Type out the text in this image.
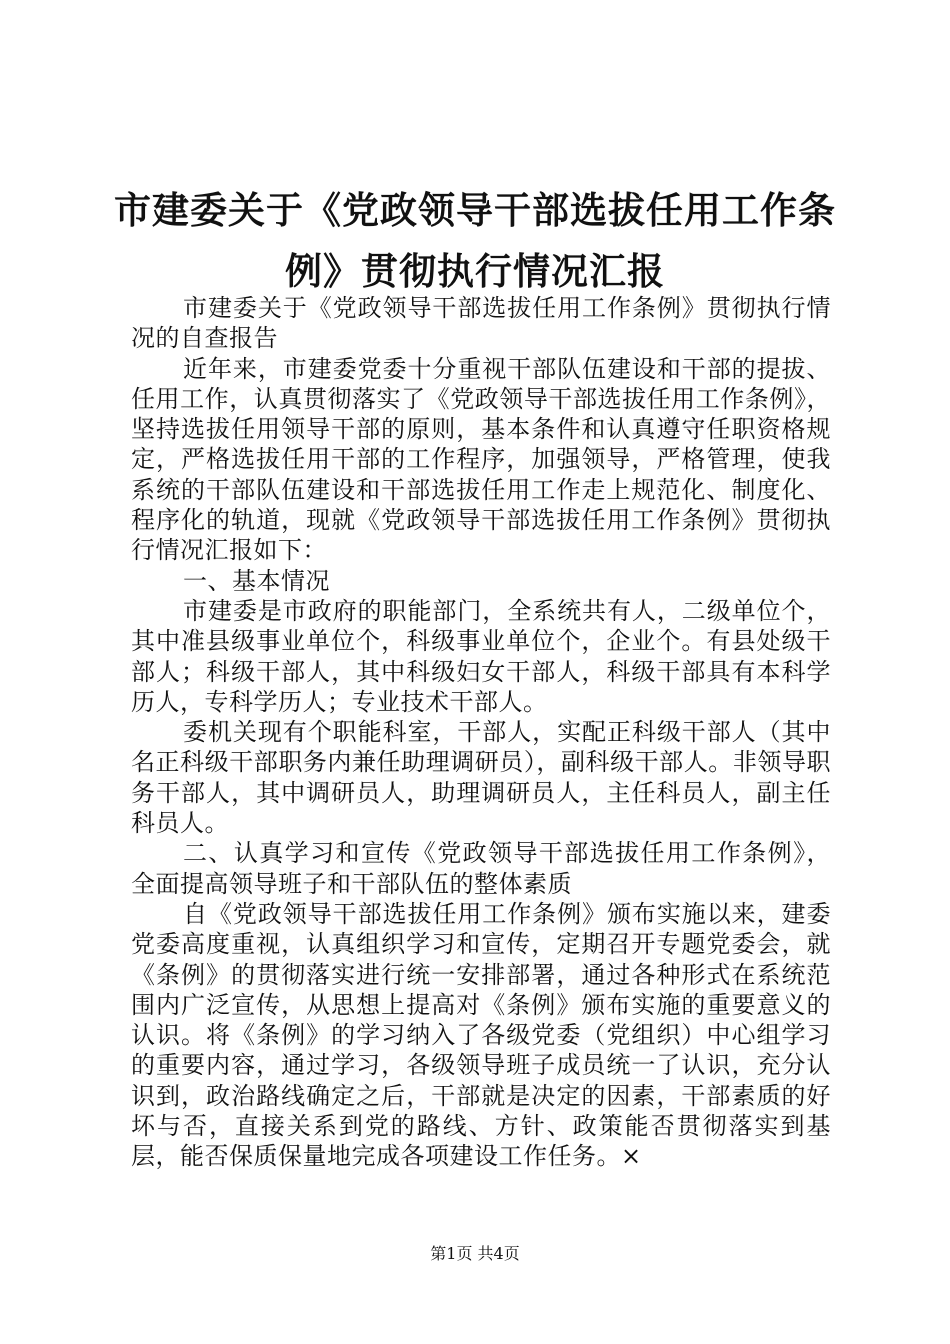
市建委关于《党政领导干部选拔任用工作条
例》贯彻执行情况汇报

市建委关于《党政领导干部选拔任用工作条例》贯彻执行情况的自查报告

近年来，市建委党委十分重视干部队伍建设和干部的提拔、任用工作，认真贯彻落实了《党政领导干部选拔任用工作条例》，坚持选拔任用领导干部的原则，基本条件和认真遵守任职资格规定，严格选拔任用干部的工作程序，加强领导，严格管理，使我系统的干部队伍建设和干部选拔任用工作走上规范化、制度化、程序化的轨道，现就《党政领导干部选拔任用工作条例》贯彻执行情况汇报如下：

一、基本情况

市建委是市政府的职能部门，全系统共有人，二级单位个，其中准县级事业单位个，科级事业单位个，企业个。有县处级干部人；科级干部人，其中科级妇女干部人，科级干部具有本科学历人，专科学历人；专业技术干部人。

委机关现有个职能科室，干部人，实配正科级干部人（其中名正科级干部职务内兼任助理调研员），副科级干部人。非领导职务干部人，其中调研员人，助理调研员人，主任科员人，副主任科员人。

二、认真学习和宣传《党政领导干部选拔任用工作条例》，全面提高领导班子和干部队伍的整体素质

自《党政领导干部选拔任用工作条例》颁布实施以来，建委党委高度重视，认真组织学习和宣传，定期召开专题党委会，就《条例》的贯彻落实进行统一安排部署，通过各种形式在系统范围内广泛宣传，从思想上提高对《条例》颁布实施的重要意义的认识。将《条例》的学习纳入了各级党委（党组织）中心组学习的重要内容，通过学习，各级领导班子成员统一了认识，充分认识到，政治路线确定之后，干部就是决定的因素，干部素质的好坏与否，直接关系到党的路线、方针、政策能否贯彻落实到基层，能否保质保量地完成各项建设工作任务。×

第1页 共4页
